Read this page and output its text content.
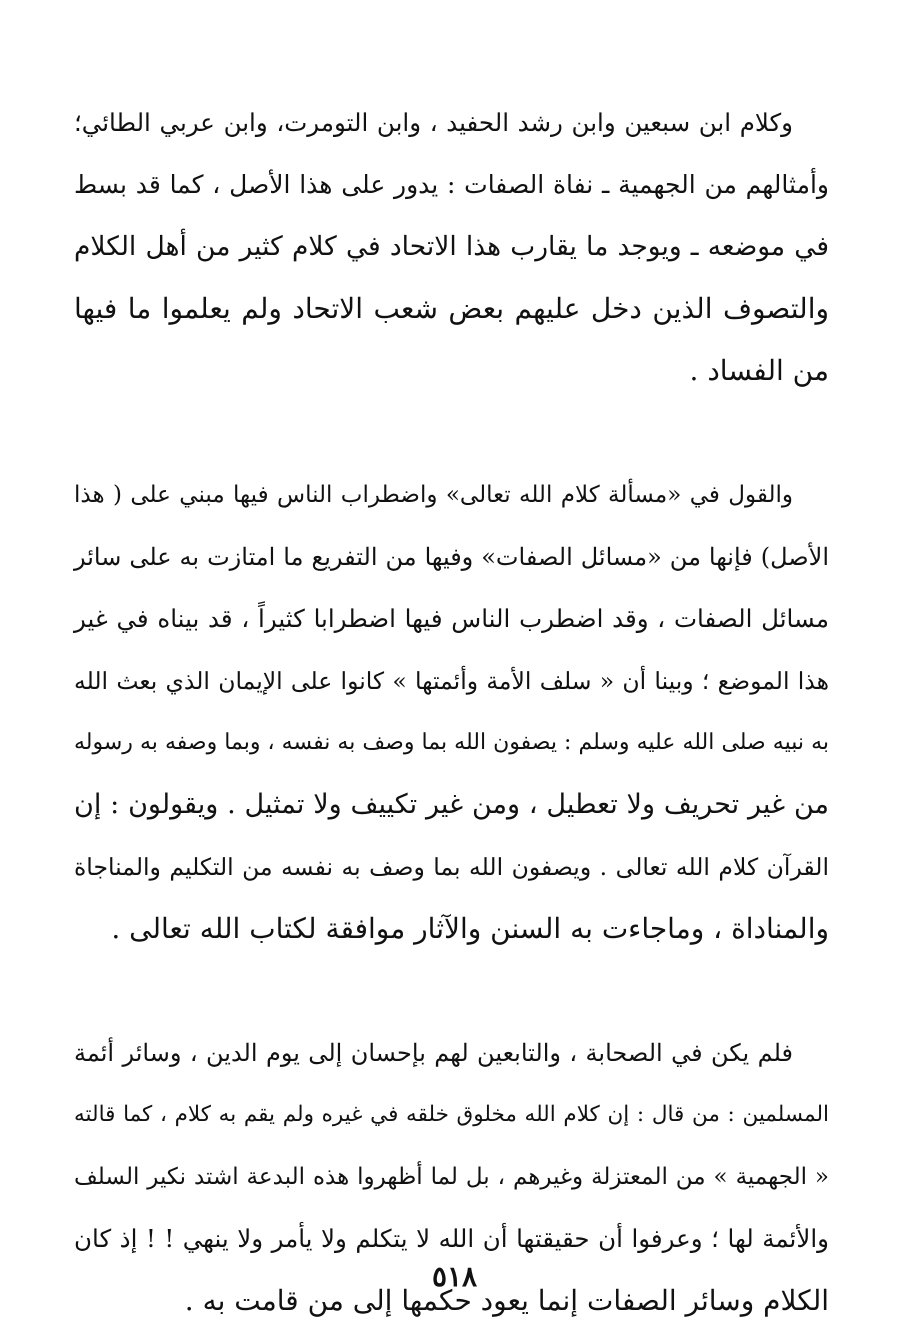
وكلام ابن سبعين وابن رشد الحفيد ، وابن التومرت، وابن عربي الطائي؛
وأمثالهم من الجهمية ـ نفاة الصفات : يدور على هذا الأصل ، كما قد بسط
في موضعه ـ ويوجد ما يقارب هذا الاتحاد في كلام كثير من أهل الكلام
والتصوف الذين دخل عليهم بعض شعب الاتحاد ولم يعلموا ما فيها
من الفساد .

والقول في «مسألة كلام الله تعالى» واضطراب الناس فيها مبني على ( هذا
الأصل) فإنها من «مسائل الصفات» وفيها من التفريع ما امتازت به على سائر
مسائل الصفات ، وقد اضطرب الناس فيها اضطرابا كثيراً ، قد بيناه في غير
هذا الموضع ؛ وبينا أن « سلف الأمة وأئمتها » كانوا على الإيمان الذي بعث الله
به نبيه صلى الله عليه وسلم : يصفون الله بما وصف به نفسه ، وبما وصفه به رسوله
من غير تحريف ولا تعطيل ، ومن غير تكييف ولا تمثيل . ويقولون : إن
القرآن كلام الله تعالى . ويصفون الله بما وصف به نفسه من التكليم والمناجاة
والمناداة ، وماجاءت به السنن والآثار موافقة لكتاب الله تعالى .

فلم يكن في الصحابة ، والتابعين لهم بإحسان إلى يوم الدين ، وسائر أئمة
المسلمين : من قال : إن كلام الله مخلوق خلقه في غيره ولم يقم به كلام ، كما قالته
« الجهمية » من المعتزلة وغيرهم ، بل لما أظهروا هذه البدعة اشتد نكير السلف
والأئمة لها ؛ وعرفوا أن حقيقتها أن الله لا يتكلم ولا يأمر ولا ينهي ! ! إذ كان
الكلام وسائر الصفات إنما يعود حكمها إلى من قامت به .

٥١٨
